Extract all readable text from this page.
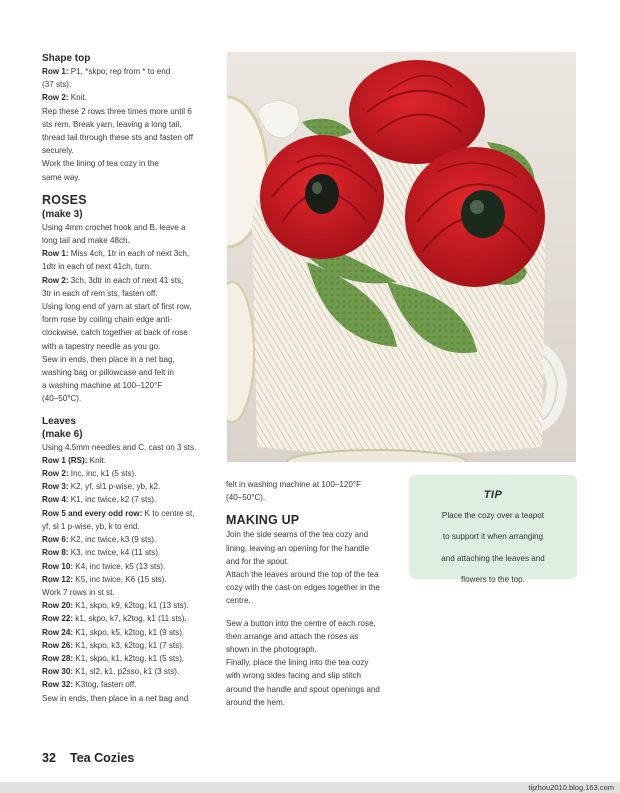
Shape top

Row 1: P1, *skpo; rep from * to end

(37 sts).

Row 2: Knit.

Rep these 2 rows three times more until 6

sts rem. Break yarn, leaving a long tail,

thread tail through these sts and fasten off

securely.

Work the lining of tea cozy in the

same way.

ROSES
(make 3)

Using 4mm crochet hook and B, leave a

long tail and make 48ch.

Row 1: Miss 4ch, 1tr in each of next 3ch,

1dtr in each of next 41ch, turn.

Row 2: 3ch, 3dtr in each of next 41 sts,

3tr in each of rem sts, fasten off.

Using long end of yarn at start of first row,

form rose by coiling chain edge anti-

clockwise, catch together at back of rose

with a tapestry needle as you go.

Sew in ends, then place in a net bag,

washing bag or pillowcase and felt in

a washing machine at 100–120°F

(40–50°C).

Leaves
(make 6)

Using 4.5mm needles and C, cast on 3 sts.

Row 1 (RS): Knit.

Row 2: Inc, inc, k1 (5 sts).

Row 3: K2, yf, sl1 p-wise, yb, k2.

Row 4: K1, inc twice, k2 (7 sts).

Row 5 and every odd row: K to centre st,

yf, sl 1 p-wise, yb, k to end.

Row 6: K2, inc twice, k3 (9 sts).

Row 8: K3, inc twice, k4 (11 sts).

Row 10: K4, inc twice, k5 (13 sts).

Row 12: K5, inc twice, K6 (15 sts).

Work 7 rows in st st.

Row 20: K1, skpo, k9, k2tog, k1 (13 sts).

Row 22: k1, skpo, k7, k2tog, k1 (11 sts).

Row 24: K1, skpo, k5, k2tog, k1 (9 sts).

Row 26: K1, skpo, k3, k2tog, k1 (7 sts).

Row 28: K1, skpo, k1, k2tog, k1 (5 sts).

Row 30: K1, sl2, k1, p2sso, k1 (3 sts).

Row 32: K3tog, fasten off.

Sew in ends, then place in a net bag and

felt in washing machine at 100–120°F

(40–50°C).

MAKING UP

Join the side seams of the tea cozy and

lining, leaving an opening for the handle

and for the spout.

Attach the leaves around the top of the tea

cozy with the cast-on edges together in the

centre.

Sew a button into the centre of each rose,

then arrange and attach the roses as

shown in the photograph.

Finally, place the lining into the tea cozy

with wrong sides facing and slip stitch

around the handle and spout openings and

around the hem.

TIP

Place the cozy over a teapot

to support it when arranging

and attaching the leaves and

flowers to the top.

32 Tea Cozies
tijzhou2010.blog.163.com
